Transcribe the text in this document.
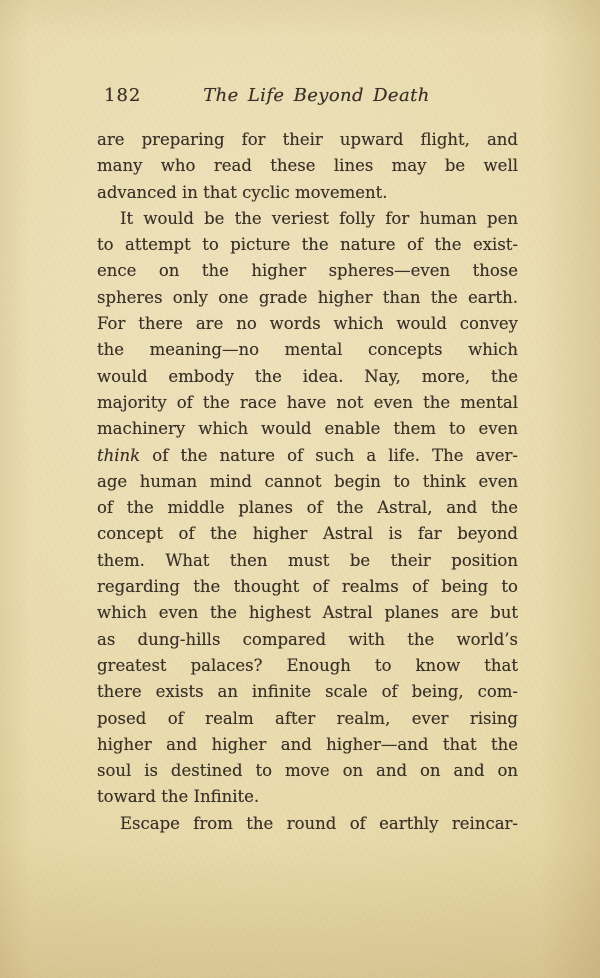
182	The Life Beyond Death
are preparing for their upward flight, and
many who read these lines may be well
advanced in that cyclic movement.
It would be the veriest folly for human pen
to attempt to picture the nature of the exist-
ence on the higher spheres—even those
spheres only one grade higher than the earth.
For there are no words which would convey
the meaning—no mental concepts which
would embody the idea. Nay, more, the
majority of the race have not even the mental
machinery which would enable them to even
think of the nature of such a life. The aver-
age human mind cannot begin to think even
of the middle planes of the Astral, and the
concept of the higher Astral is far beyond
them. What then must be their position
regarding the thought of realms of being to
which even the highest Astral planes are but
as dung-hills compared with the world’s
greatest palaces? Enough to know that
there exists an infinite scale of being, com-
posed of realm after realm, ever rising
higher and higher and higher—and that the
soul is destined to move on and on and on
toward the Infinite.
Escape from the round of earthly reincar-
